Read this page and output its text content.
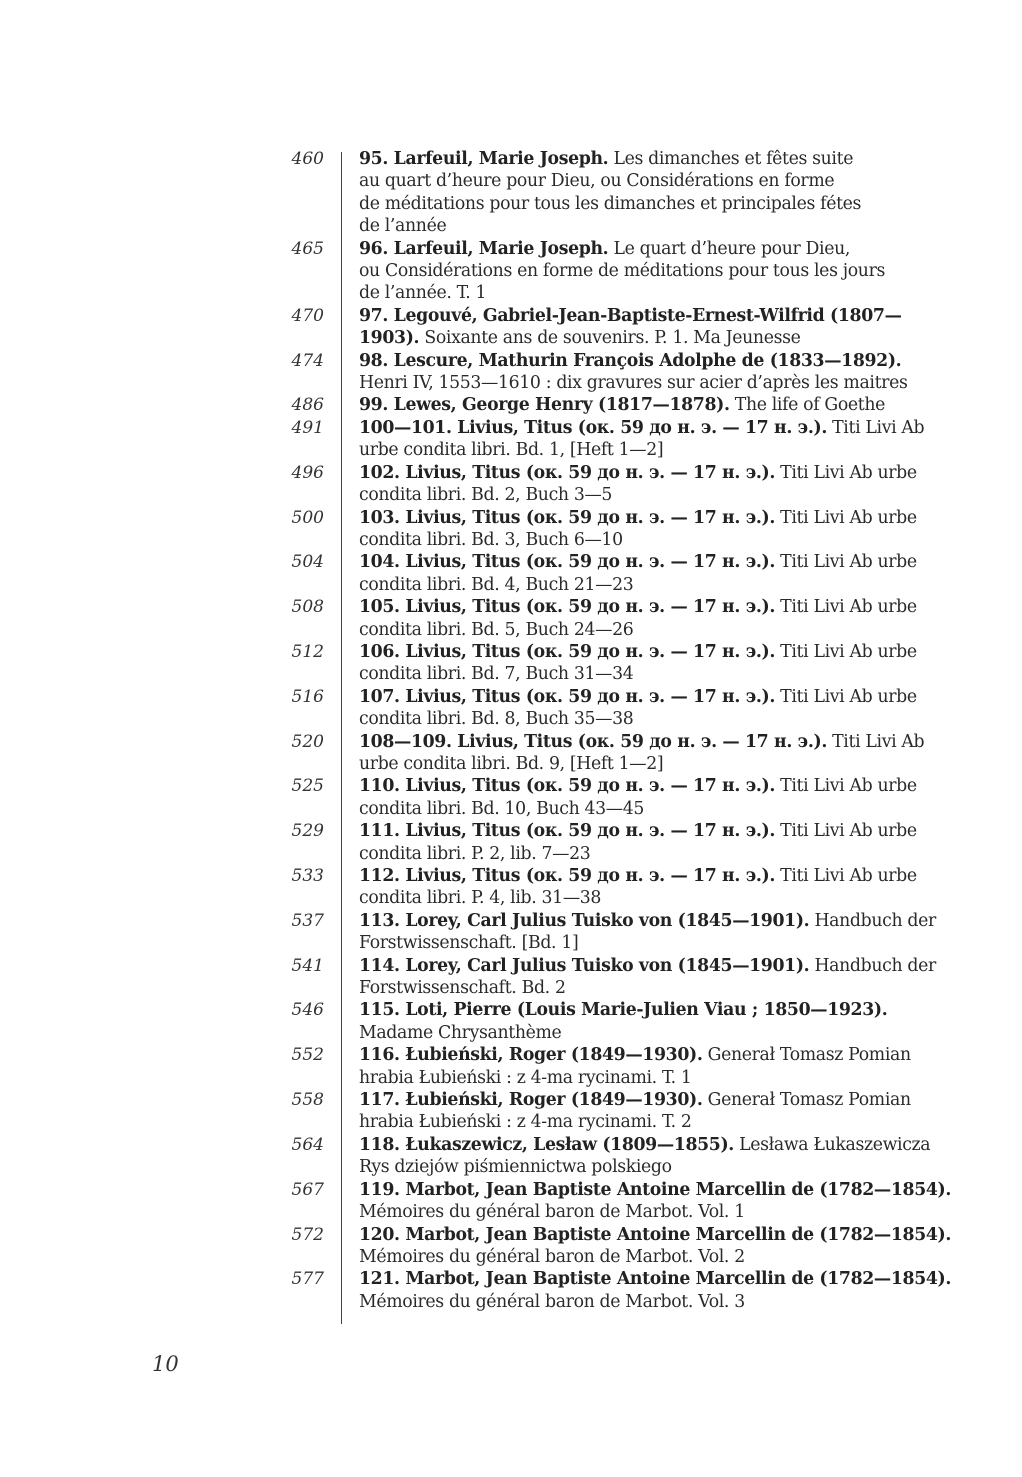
460 95. Larfeuil, Marie Joseph. Les dimanches et fêtes suite
au quart d’heure pour Dieu, ou Considérations en forme
de méditations pour tous les dimanches et principales fétes
de l’année
465 96. Larfeuil, Marie Joseph. Le quart d’heure pour Dieu,
ou Considérations en forme de méditations pour tous les jours
de l’année. T. 1
470 97. Legouvé, Gabriel-Jean-Baptiste-Ernest-Wilfrid (1807—
1903). Soixante ans de souvenirs. P. 1. Ma Jeunesse
474 98. Lescure, Mathurin François Adolphe de (1833—1892).
Henri IV, 1553—1610 : dix gravures sur acier d’après les maitres
486 99. Lewes, George Henry (1817—1878). The life of Goethe
491 100—101. Livius, Titus (ок. 59 до н. э. — 17 н. э.). Titi Livi Ab
urbe condita libri. Bd. 1, [Heft 1—2]
496 102. Livius, Titus (ок. 59 до н. э. — 17 н. э.). Titi Livi Ab urbe
condita libri. Bd. 2, Buch 3—5
500 103. Livius, Titus (ок. 59 до н. э. — 17 н. э.). Titi Livi Ab urbe
condita libri. Bd. 3, Buch 6—10
504 104. Livius, Titus (ок. 59 до н. э. — 17 н. э.). Titi Livi Ab urbe
condita libri. Bd. 4, Buch 21—23
508 105. Livius, Titus (ок. 59 до н. э. — 17 н. э.). Titi Livi Ab urbe
condita libri. Bd. 5, Buch 24—26
512 106. Livius, Titus (ок. 59 до н. э. — 17 н. э.). Titi Livi Ab urbe
condita libri. Bd. 7, Buch 31—34
516 107. Livius, Titus (ок. 59 до н. э. — 17 н. э.). Titi Livi Ab urbe
condita libri. Bd. 8, Buch 35—38
520 108—109. Livius, Titus (ок. 59 до н. э. — 17 н. э.). Titi Livi Ab
urbe condita libri. Bd. 9, [Heft 1—2]
525 110. Livius, Titus (ок. 59 до н. э. — 17 н. э.). Titi Livi Ab urbe
condita libri. Bd. 10, Buch 43—45
529 111. Livius, Titus (ок. 59 до н. э. — 17 н. э.). Titi Livi Ab urbe
condita libri. P. 2, lib. 7—23
533 112. Livius, Titus (ок. 59 до н. э. — 17 н. э.). Titi Livi Ab urbe
condita libri. P. 4, lib. 31—38
537 113. Lorey, Carl Julius Tuisko von (1845—1901). Handbuch der
Forstwissenschaft. [Bd. 1]
541 114. Lorey, Carl Julius Tuisko von (1845—1901). Handbuch der
Forstwissenschaft. Bd. 2
546 115. Loti, Pierre (Louis Marie-Julien Viau ; 1850—1923).
Madame Chrysanthème
552 116. Łubieński, Roger (1849—1930). Generał Tomasz Pomian
hrabia Łubieński : z 4-ma rycinami. T. 1
558 117. Łubieński, Roger (1849—1930). Generał Tomasz Pomian
hrabia Łubieński : z 4-ma rycinami. T. 2
564 118. Łukaszewicz, Lesław (1809—1855). Lesława Łukaszewicza
Rys dziejów piśmiennictwa polskiego
567 119. Marbot, Jean Baptiste Antoine Marcellin de (1782—1854).
Mémoires du général baron de Marbot. Vol. 1
572 120. Marbot, Jean Baptiste Antoine Marcellin de (1782—1854).
Mémoires du général baron de Marbot. Vol. 2
577 121. Marbot, Jean Baptiste Antoine Marcellin de (1782—1854).
Mémoires du général baron de Marbot. Vol. 3
10
